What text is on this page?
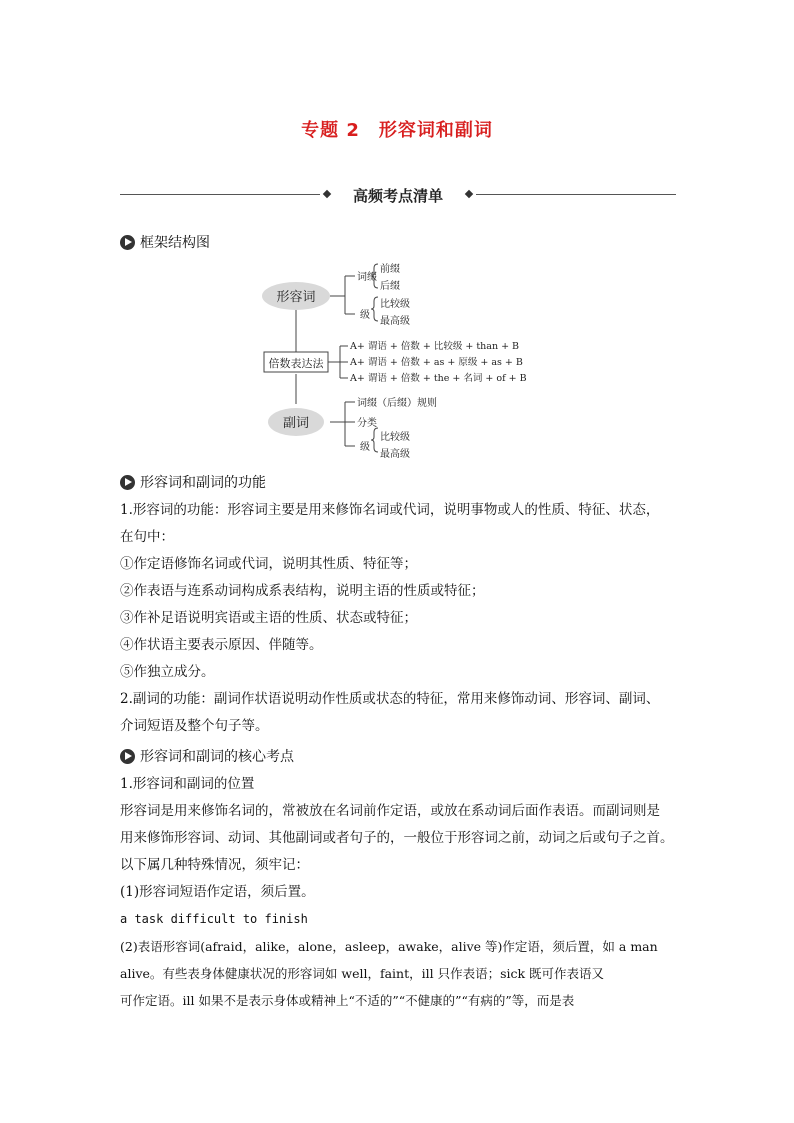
专题 2　形容词和副词
高频考点清单
框架结构图
形容词
倍数表达法
副词
词缀
前缀
后缀
级
比较级
最高级
A+ 谓语 + 倍数 + 比较级 + than + B
A+ 谓语 + 倍数 + as + 原级 + as + B
A+ 谓语 + 倍数 + the + 名词 + of + B
词缀（后缀）规则
分类
级
比较级
最高级
形容词和副词的功能
1.形容词的功能：形容词主要是用来修饰名词或代词，说明事物或人的性质、特征、状态，
在句中：
①作定语修饰名词或代词，说明其性质、特征等；
②作表语与连系动词构成系表结构，说明主语的性质或特征；
③作补足语说明宾语或主语的性质、状态或特征；
④作状语主要表示原因、伴随等。
⑤作独立成分。
2.副词的功能：副词作状语说明动作性质或状态的特征，常用来修饰动词、形容词、副词、
介词短语及整个句子等。
形容词和副词的核心考点
1.形容词和副词的位置
形容词是用来修饰名词的，常被放在名词前作定语，或放在系动词后面作表语。而副词则是
用来修饰形容词、动词、其他副词或者句子的，一般位于形容词之前，动词之后或句子之首。
以下属几种特殊情况，须牢记：
(1)形容词短语作定语，须后置。
a task difficult to finish
(2)表语形容词(afraid，alike，alone，asleep，awake，alive 等)作定语，须后置，如 a man
alive。有些表身体健康状况的形容词如 well，faint，ill 只作表语；sick 既可作表语又
可作定语。ill 如果不是表示身体或精神上“不适的”“不健康的”“有病的”等，而是表
